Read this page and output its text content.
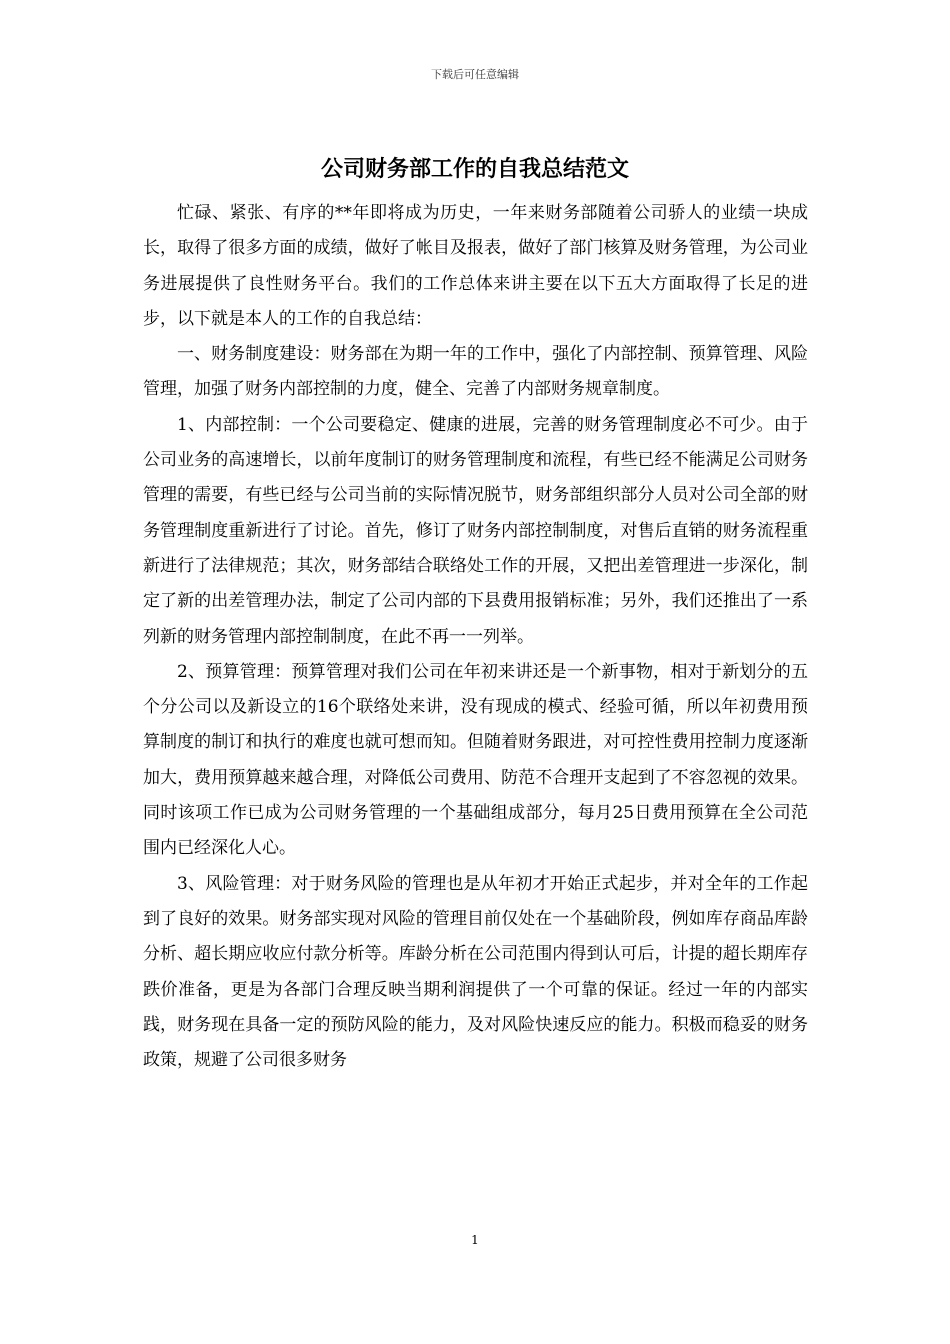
下载后可任意编辑
公司财务部工作的自我总结范文

忙碌、紧张、有序的**年即将成为历史，一年来财务部随着公司骄人的业绩一块成长，取得了很多方面的成绩，做好了帐目及报表，做好了部门核算及财务管理，为公司业务进展提供了良性财务平台。我们的工作总体来讲主要在以下五大方面取得了长足的进步，以下就是本人的工作的自我总结：

一、财务制度建设：财务部在为期一年的工作中，强化了内部控制、预算管理、风险管理，加强了财务内部控制的力度，健全、完善了内部财务规章制度。

1、内部控制：一个公司要稳定、健康的进展，完善的财务管理制度必不可少。由于公司业务的高速增长，以前年度制订的财务管理制度和流程，有些已经不能满足公司财务管理的需要，有些已经与公司当前的实际情况脱节，财务部组织部分人员对公司全部的财务管理制度重新进行了讨论。首先，修订了财务内部控制制度，对售后直销的财务流程重新进行了法律规范；其次，财务部结合联络处工作的开展，又把出差管理进一步深化，制定了新的出差管理办法，制定了公司内部的下县费用报销标准；另外，我们还推出了一系列新的财务管理内部控制制度，在此不再一一列举。

2、预算管理：预算管理对我们公司在年初来讲还是一个新事物，相对于新划分的五个分公司以及新设立的16个联络处来讲，没有现成的模式、经验可循，所以年初费用预算制度的制订和执行的难度也就可想而知。但随着财务跟进，对可控性费用控制力度逐渐加大，费用预算越来越合理，对降低公司费用、防范不合理开支起到了不容忽视的效果。同时该项工作已成为公司财务管理的一个基础组成部分，每月25日费用预算在全公司范围内已经深化人心。

3、风险管理：对于财务风险的管理也是从年初才开始正式起步，并对全年的工作起到了良好的效果。财务部实现对风险的管理目前仅处在一个基础阶段，例如库存商品库龄分析、超长期应收应付款分析等。库龄分析在公司范围内得到认可后，计提的超长期库存跌价准备，更是为各部门合理反映当期利润提供了一个可靠的保证。经过一年的内部实践，财务现在具备一定的预防风险的能力，及对风险快速反应的能力。积极而稳妥的财务政策，规避了公司很多财务

1
